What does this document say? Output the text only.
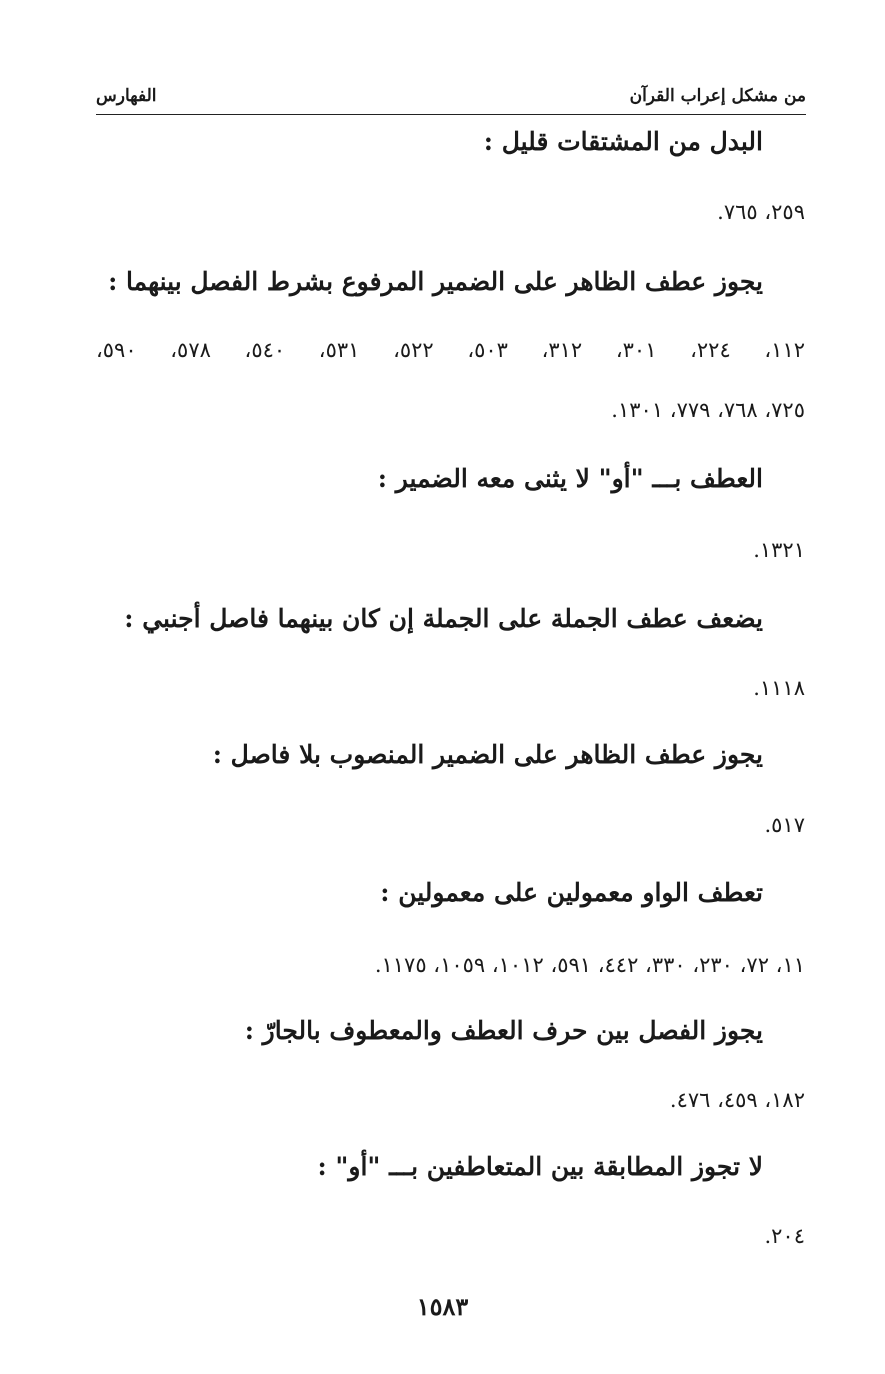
من مشكل إعراب القرآن
الفهارس
البدل من المشتقات قليل :
٢٥٩، ٧٦٥.
يجوز عطف الظاهر على الضمير المرفوع بشرط الفصل بينهما :
١١٢، ٢٢٤، ٣٠١، ٣١٢، ٥٠٣، ٥٢٢، ٥٣١، ٥٤٠، ٥٧٨، ٥٩٠،
٧٢٥، ٧٦٨، ٧٧٩، ١٣٠١.
العطف بـــ "أو" لا يثنى معه الضمير :
١٣٢١.
يضعف عطف الجملة على الجملة إن كان بينهما فاصل أجنبي :
١١١٨.
يجوز عطف الظاهر على الضمير المنصوب بلا فاصل :
٥١٧.
تعطف الواو معمولين على معمولين :
١١، ٧٢، ٢٣٠، ٣٣٠، ٤٤٢، ٥٩١، ١٠١٢، ١٠٥٩، ١١٧٥.
يجوز الفصل بين حرف العطف والمعطوف بالجارّ :
١٨٢، ٤٥٩، ٤٧٦.
لا تجوز المطابقة بين المتعاطفين بـــ "أو" :
٢٠٤.
١٥٨٣
